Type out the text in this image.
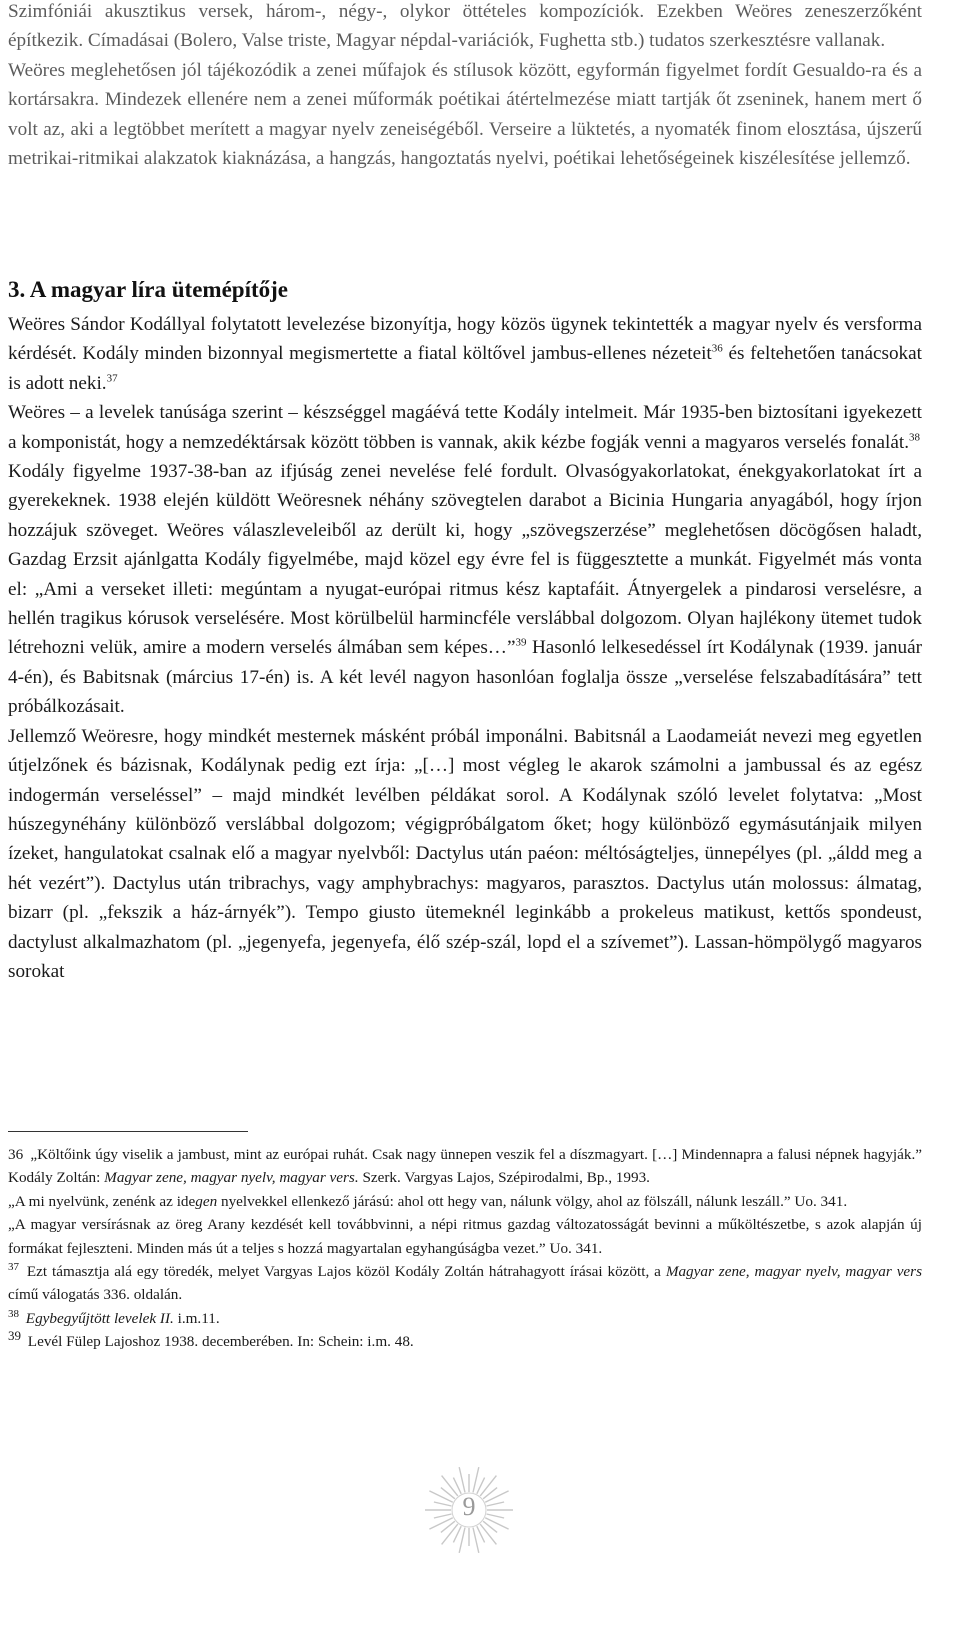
Szimfóniái akusztikus versek, három-, négy-, olykor öttételes kompozíciók. Ezekben Weöres zeneszerzőként építkezik. Címadásai (Bolero, Valse triste, Magyar népdal-variációk, Fughetta stb.) tudatos szerkesztésre vallanak.

Weöres meglehetősen jól tájékozódik a zenei műfajok és stílusok között, egyformán figyelmet fordít Gesualdo-ra és a kortársakra. Mindezek ellenére nem a zenei műformák poétikai átértelmezése miatt tartják őt zseninek, hanem mert ő volt az, aki a legtöbbet merített a magyar nyelv zeneiségéből. Verseire a lüktetés, a nyomaték finom elosztása, újszerű metrikai-ritmikai alakzatok kiaknázása, a hangzás, hangoztatás nyelvi, poétikai lehetőségeinek kiszélesítése jellemző.

3. A magyar líra ütemépítője

Weöres Sándor Kodállyal folytatott levelezése bizonyítja, hogy közös ügynek tekintették a magyar nyelv és versforma kérdését. Kodály minden bizonnyal megismertette a fiatal költővel jambus-ellenes nézeteit$^{36}$ és feltehetően tanácsokat is adott neki.$^{37}$

Weöres – a levelek tanúsága szerint – készséggel magáévá tette Kodály intelmeit. Már 1935-ben biztosítani igyekezett a komponistát, hogy a nemzedéktársak között többen is vannak, akik kézbe fogják venni a magyaros verselés fonalát.$^{38}$

Kodály figyelme 1937-38-ban az ifjúság zenei nevelése felé fordult. Olvasógyakorlatokat, énekgyakorlatokat írt a gyerekeknek. 1938 elején küldött Weöresnek néhány szövegtelen darabot a Bicinia Hungaria anyagából, hogy írjon hozzájuk szöveget. Weöres válaszleveleiből az derült ki, hogy „szövegszerzése” meglehetősen döcögősen haladt, Gazdag Erzsit ajánlgatta Kodály figyelmébe, majd közel egy évre fel is függesztette a munkát. Figyelmét más vonta el: „Ami a verseket illeti: megúntam a nyugat-európai ritmus kész kaptafáit. Átnyergelek a pindarosi verselésre, a hellén tragikus kórusok verselésére. Most körülbelül harmincféle verslábbal dolgozom. Olyan hajlékony ütemet tudok létrehozni velük, amire a modern verselés álmában sem képes…”$^{39}$ Hasonló lelkesedéssel írt Kodálynak (1939. január 4-én), és Babitsnak (március 17-én) is. A két levél nagyon hasonlóan foglalja össze „verselése felszabadítására” tett próbálkozásait.

Jellemző Weöresre, hogy mindkét mesternek másként próbál imponálni. Babitsnál a Laodameiát nevezi meg egyetlen útjelzőnek és bázisnak, Kodálynak pedig ezt írja: „[…] most végleg le akarok számolni a jambussal és az egész indogermán verseléssel” – majd mindkét levélben példákat sorol. A Kodálynak szóló levelet folytatva: „Most húszegynéhány különböző verslábbal dolgozom; végigpróbálgatom őket; hogy különböző egymásutánjaik milyen ízeket, hangulatokat csalnak elő a magyar nyelvből: Dactylus után paéon: méltóságteljes, ünnepélyes (pl. „áldd meg a hét vezért”). Dactylus után tribrachys, vagy amphybrachys: magyaros, parasztos. Dactylus után molossus: álmatag, bizarr (pl. „fekszik a ház-árnyék”). Tempo giusto ütemeknél leginkább a prokeleus matikust, kettős spondeust, dactylust alkalmazhatom (pl. „jegenyefa, jegenyefa, élő szép-szál, lopd el a szívemet”). Lassan-hömpölygő magyaros sorokat

36 „Költőink úgy viselik a jambust, mint az európai ruhát. Csak nagy ünnepen veszik fel a díszmagyart. […] Mindennapra a falusi népnek hagyják.” Kodály Zoltán: Magyar zene, magyar nyelv, magyar vers. Szerk. Vargyas Lajos, Szépirodalmi, Bp., 1993.

„A mi nyelvünk, zenénk az idegen nyelvekkel ellenkező járású: ahol ott hegy van, nálunk völgy, ahol az fölszáll, nálunk leszáll.” Uo. 341.

„A magyar versírásnak az öreg Arany kezdését kell továbbvinni, a népi ritmus gazdag változatosságát bevinni a műköltészetbe, s azok alapján új formákat fejleszteni. Minden más út a teljes s hozzá magyartalan egyhangúságba vezet.” Uo. 341.

$^{37}$ Ezt támasztja alá egy töredék, melyet Vargyas Lajos közöl Kodály Zoltán hátrahagyott írásai között, a Magyar zene, magyar nyelv, magyar vers című válogatás 336. oldalán.

$^{38}$ Egybegyűjtött levelek II. i.m.11.

39 Levél Fülep Lajoshoz 1938. decemberében. In: Schein: i.m. 48.

9
